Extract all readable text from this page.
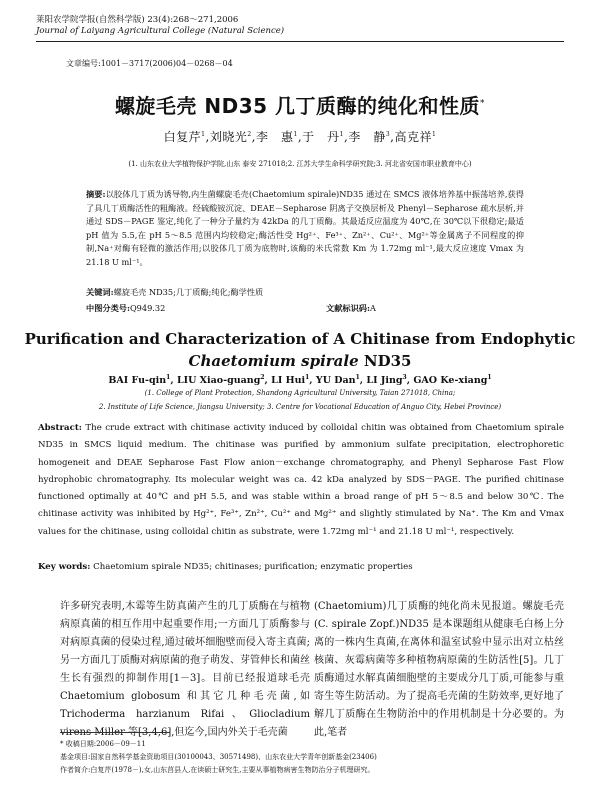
莱阳农学院学报(自然科学版) 23(4):268～271,2006
Journal of Laiyang Agricultural College (Natural Science)
文章编号:1001－3717(2006)04－0268－04
螺旋毛壳 ND35 几丁质酶的纯化和性质*
白复芹$^1$,刘晓光$^2$,李　惠$^1$,于　丹$^1$,李　静$^3$,高克祥$^1$
(1. 山东农业大学植物保护学院,山东 泰安 271018;2. 江苏大学生命科学研究院;3. 河北省安国市职业教育中心)
摘要:以胶体几丁质为诱导物,内生菌螺旋毛壳(Chaetomium spirale)ND35 通过在 SMCS 液体培养基中振荡培养,获得了具几丁质酶活性的粗酶液。经硫酸铵沉淀、DEAE－Sepharose 阴离子交换层析及 Phenyl－Sepharose 疏水层析,并通过 SDS－PAGE 鉴定,纯化了一种分子量约为 42kDa 的几丁质酶。其最适反应温度为 40℃,在 30℃以下很稳定;最适 pH 值为 5.5,在 pH 5～8.5 范围内均较稳定;酶活性受 Hg²⁺、Fe³⁺、Zn²⁺、Cu²⁺、Mg²⁺等金属离子不同程度的抑制,Na⁺对酶有轻微的激活作用;以胶体几丁质为底物时,该酶的米氏常数 Km 为 1.72mg ml⁻¹,最大反应速度 Vmax 为 21.18 U ml⁻¹。
关键词:螺旋毛壳 ND35;几丁质酶;纯化;酶学性质
中图分类号:Q949.32	文献标识码:A
Purification and Characterization of A Chitinase from Endophytic
Chaetomium spirale ND35
BAI Fu-qin$^1$, LIU Xiao-guang$^2$, LI Hui$^1$, YU Dan$^1$, LI Jing$^3$, GAO Ke-xiang$^1$
(1. College of Plant Protection, Shandong Agricultural University, Taian 271018, China;
2. Institute of Life Science, Jiangsu University; 3. Centre for Vocational Education of Anguo City, Hebei Province)
Abstract: The crude extract with chitinase activity induced by colloidal chitin was obtained from Chaetomium spirale ND35 in SMCS liquid medium. The chitinase was purified by ammonium sulfate precipitation, electrophoretic homogeneit and DEAE Sepharose Fast Flow anion－exchange chromatography, and Phenyl Sepharose Fast Flow hydrophobic chromatography. Its molecular weight was ca. 42 kDa analyzed by SDS－PAGE. The purified chitinase functioned optimally at 40℃ and pH 5.5, and was stable within a broad range of pH 5～8.5 and below 30℃. The chitinase activity was inhibited by Hg²⁺, Fe³⁺, Zn²⁺, Cu²⁺ and Mg²⁺ and slightly stimulated by Na⁺. The Km and Vmax values for the chitinase, using colloidal chitin as substrate, were 1.72mg ml⁻¹ and 21.18 U ml⁻¹, respectively.
Key words: Chaetomium spirale ND35; chitinases; purification; enzymatic properties
许多研究表明,木霉等生防真菌产生的几丁质酶在与植物病原真菌的相互作用中起重要作用;一方面几丁质酶参与对病原真菌的侵染过程,通过破坏细胞壁而侵入寄主真菌;另一方面几丁质酶对病原菌的孢子萌发、芽管伸长和菌丝生长有强烈的抑制作用[1－3]。目前已经报道球毛壳 Chaetomium globosum 和其它几种毛壳菌,如 Trichoderma harzianum Rifai、Gliocladium virens Miller 等[3,4,6],但迄今,国内外关于毛壳菌
(Chaetomium)几丁质酶的纯化尚未见报道。螺旋毛壳(C. spirale Zopf.)ND35 是本课题组从健康毛白杨上分离的一株内生真菌,在离体和温室试验中显示出对立枯丝核菌、灰霉病菌等多种植物病原菌的生防活性[5]。几丁质酶通过水解真菌细胞壁的主要成分几丁质,可能参与重寄生等生防活动。为了提高毛壳菌的生防效率,更好地了解几丁质酶在生物防治中的作用机制是十分必要的。为此,笔者
* 收稿日期:2006－09－11
基金项目:国家自然科学基金资助项目(30100043、30571498)、山东农业大学青年创新基金(23406)
作者简介:白复芹(1978－),女,山东莒县人,在读硕士研究生,主要从事植物病害生物防治分子机理研究。
